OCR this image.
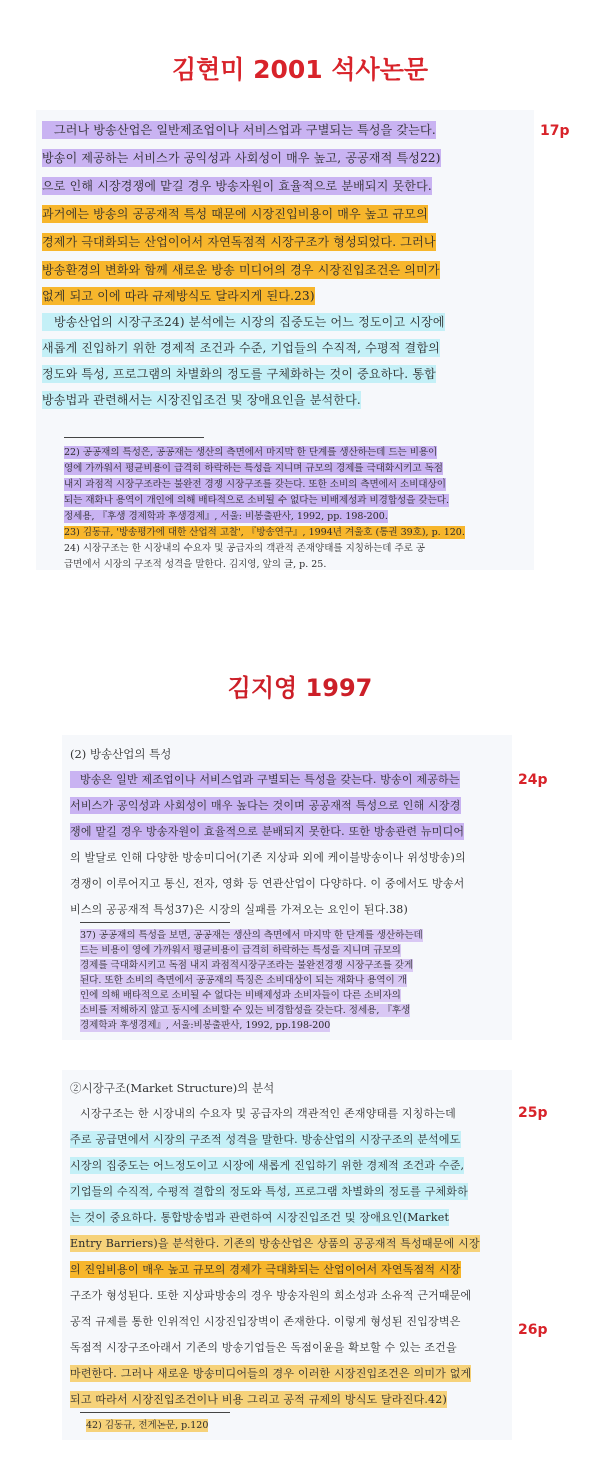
김현미 2001 석사논문
김지영 1997
17p
그러나 방송산업은 일반제조업이나 서비스업과 구별되는 특성을 갖는다.
방송이 제공하는 서비스가 공익성과 사회성이 매우 높고, 공공재적 특성22)
으로 인해 시장경쟁에 맡길 경우 방송자원이 효율적으로 분배되지 못한다.
과거에는 방송의 공공재적 특성 때문에 시장진입비용이 매우 높고 규모의
경제가 극대화되는 산업이어서 자연독점적 시장구조가 형성되었다. 그러나
방송환경의 변화와 함께 새로운 방송 미디어의 경우 시장진입조건은 의미가
없게 되고 이에 따라 규제방식도 달라지게 된다.23)
방송산업의 시장구조24) 분석에는 시장의 집중도는 어느 정도이고 시장에
새롭게 진입하기 위한 경제적 조건과 수준, 기업들의 수직적, 수평적 결합의
정도와 특성, 프로그램의 차별화의 정도를 구체화하는 것이 중요하다. 통합
방송법과 관련해서는 시장진입조건 및 장애요인을 분석한다.
22) 공공재의 특성은, 공공재는 생산의 측면에서 마지막 한 단계를 생산하는데 드는 비용이
영에 가까워서 평균비용이 급격히 하락하는 특성을 지니며 규모의 경제를 극대화시키고 독점
내지 과점적 시장구조라는 불완전 경쟁 시장구조를 갖는다. 또한 소비의 측면에서 소비대상이
되는 재화나 용역이 개인에 의해 배타적으로 소비될 수 없다는 비배제성과 비경합성을 갖는다.
정세용, 『후생 경제학과 후생경제』, 서울: 비봉출판사, 1992, pp. 198-200.
23) 김동규, '방송평가에 대한 산업적 고찰', 『방송연구』, 1994년 겨울호 (통권 39호), p. 120.
24) 시장구조는 한 시장내의 수요자 및 공급자의 객관적 존재양태를 지칭하는데 주로 공
급면에서 시장의 구조적 성격을 말한다. 김지영, 앞의 글, p. 25.
24p
(2) 방송산업의 특성
방송은 일반 제조업이나 서비스업과 구별되는 특성을 갖는다. 방송이 제공하는
서비스가 공익성과 사회성이 매우 높다는 것이며 공공재적 특성으로 인해 시장경
쟁에 맡길 경우 방송자원이 효율적으로 분배되지 못한다. 또한 방송관련 뉴미디어
의 발달로 인해 다양한 방송미디어(기존 지상파 외에 케이블방송이나 위성방송)의
경쟁이 이루어지고 통신, 전자, 영화 등 연관산업이 다양하다. 이 중에서도 방송서
비스의 공공재적 특성37)은 시장의 실패를 가져오는 요인이 된다.38)
37) 공공재의 특성을 보면, 공공재는 생산의 측면에서 마지막 한 단계를 생산하는데
드는 비용이 영에 가까워서 평균비용이 급격히 하락하는 특성을 지니며 규모의
경제를 극대화시키고 독점 내지 과점적시장구조라는 불완전경쟁 시장구조를 갖게
된다. 또한 소비의 측면에서 공공재의 특징은 소비대상이 되는 재화나 용역이 개
인에 의해 배타적으로 소비될 수 없다는 비배제성과 소비자들이 다른 소비자의
소비를 저해하지 않고 동시에 소비할 수 있는 비경합성을 갖는다. 정세용, 『후생
경제학과 후생경제』, 서울:비봉출판사, 1992, pp.198-200
25p
26p
②시장구조(Market Structure)의 분석
시장구조는 한 시장내의 수요자 및 공급자의 객관적인 존재양태를 지칭하는데
주로 공급면에서 시장의 구조적 성격을 말한다. 방송산업의 시장구조의 분석에도
시장의 집중도는 어느정도이고 시장에 새롭게 진입하기 위한 경제적 조건과 수준,
기업들의 수직적, 수평적 결합의 정도와 특성, 프로그램 차별화의 정도를 구체화하
는 것이 중요하다. 통합방송법과 관련하여 시장진입조건 및 장애요인(Market
Entry Barriers)을 분석한다. 기존의 방송산업은 상품의 공공재적 특성때문에 시장
의 진입비용이 매우 높고 규모의 경제가 극대화되는 산업이어서 자연독점적 시장
구조가 형성된다. 또한 지상파방송의 경우 방송자원의 희소성과 소유적 근거때문에
공적 규제를 통한 인위적인 시장진입장벽이 존재한다. 이렇게 형성된 진입장벽은
독점적 시장구조아래서 기존의 방송기업들은 독점이윤을 확보할 수 있는 조건을
마련한다. 그러나 새로운 방송미디어들의 경우 이러한 시장진입조건은 의미가 없게
되고 따라서 시장진입조건이나 비용 그리고 공적 규제의 방식도 달라진다.42)
42) 김동규, 전게논문, p.120
